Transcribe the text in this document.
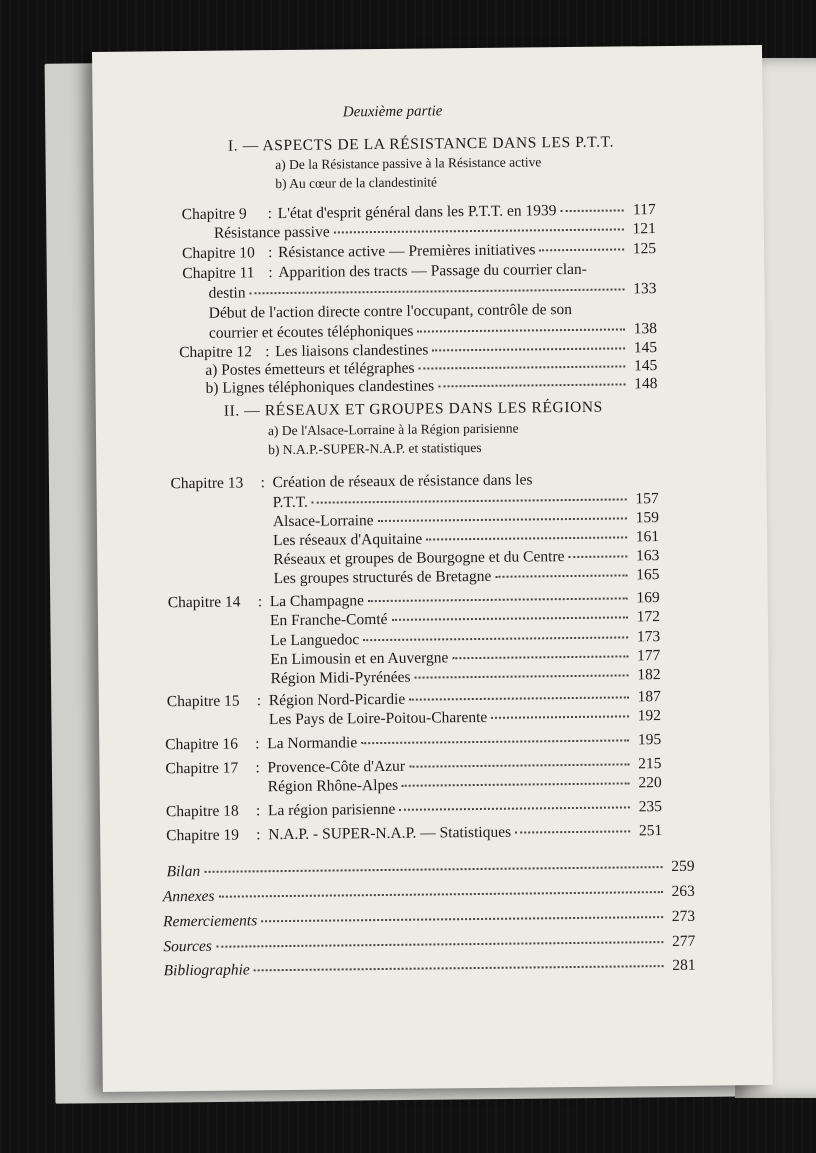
Deuxième partie
I. — ASPECTS DE LA RÉSISTANCE DANS LES P.T.T.
a) De la Résistance passive à la Résistance active
b) Au cœur de la clandestinité
Chapitre 9	: L'état d'esprit général dans les P.T.T. en 1939	117
Résistance passive	121
Chapitre 10 : Résistance active — Premières initiatives	125
Chapitre 11 : Apparition des tracts — Passage du courrier clan-
destin	133
Début de l'action directe contre l'occupant, contrôle de son
courrier et écoutes téléphoniques	138
Chapitre 12 : Les liaisons clandestines	145
a) Postes émetteurs et télégraphes	145
b) Lignes téléphoniques clandestines	148
II. — RÉSEAUX ET GROUPES DANS LES RÉGIONS
a) De l'Alsace-Lorraine à la Région parisienne
b) N.A.P.-SUPER-N.A.P. et statistiques
Chapitre 13	: Création de réseaux de résistance dans les
P.T.T.	157
Alsace-Lorraine	159
Les réseaux d'Aquitaine	161
Réseaux et groupes de Bourgogne et du Centre	163
Les groupes structurés de Bretagne	165
Chapitre 14	: La Champagne	169
En Franche-Comté	172
Le Languedoc	173
En Limousin et en Auvergne	177
Région Midi-Pyrénées	182
Chapitre 15	: Région Nord-Picardie	187
Les Pays de Loire-Poitou-Charente	192
Chapitre 16	: La Normandie	195
Chapitre 17	: Provence-Côte d'Azur	215
Région Rhône-Alpes	220
Chapitre 18	: La région parisienne	235
Chapitre 19	: N.A.P. - SUPER-N.A.P. — Statistiques	251
Bilan	259
Annexes	263
Remerciements	273
Sources	277
Bibliographie	281
